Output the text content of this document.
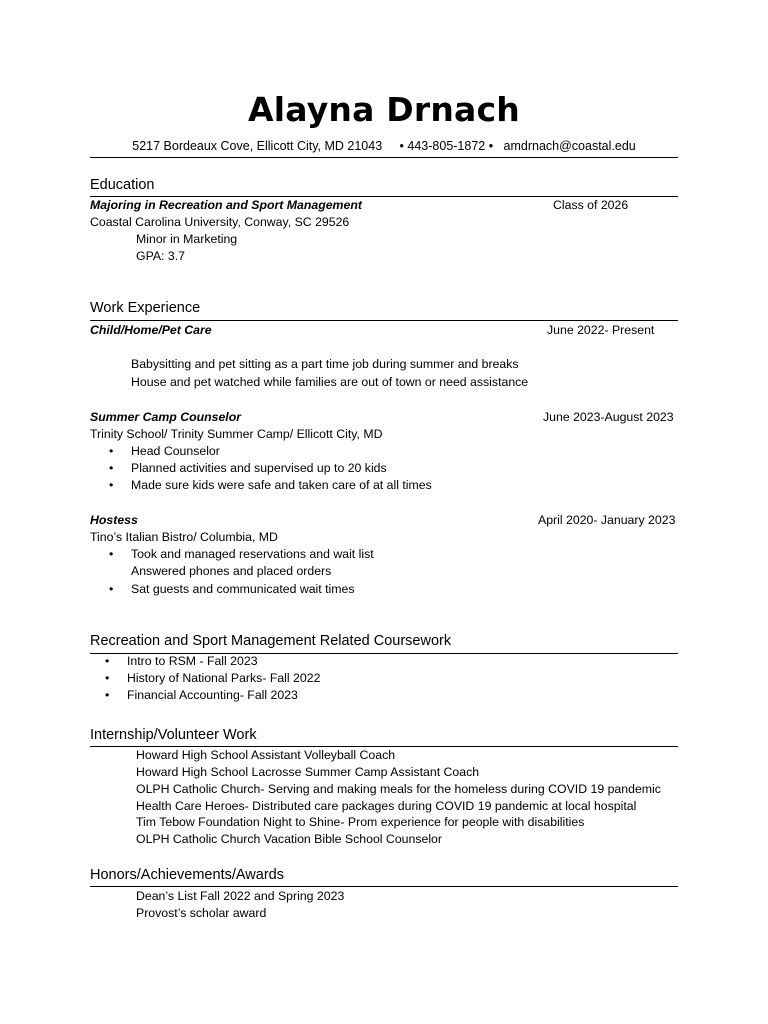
Alayna Drnach
5217 Bordeaux Cove, Ellicott City, MD 21043 • 443-805-1872 • amdrnach@coastal.edu
Education
Majoring in Recreation and Sport Management	Class of 2026
Coastal Carolina University, Conway, SC 29526
Minor in Marketing
GPA: 3.7
Work Experience
Child/Home/Pet Care	June 2022- Present
Babysitting and pet sitting as a part time job during summer and breaks
House and pet watched while families are out of town or need assistance
Summer Camp Counselor	June 2023-August 2023
Trinity School/ Trinity Summer Camp/ Ellicott City, MD
• Head Counselor
• Planned activities and supervised up to 20 kids
• Made sure kids were safe and taken care of at all times
Hostess	April 2020- January 2023
Tino’s Italian Bistro/ Columbia, MD
• Took and managed reservations and wait list
Answered phones and placed orders
• Sat guests and communicated wait times
Recreation and Sport Management Related Coursework
• Intro to RSM - Fall 2023
• History of National Parks- Fall 2022
• Financial Accounting- Fall 2023
Internship/Volunteer Work
Howard High School Assistant Volleyball Coach
Howard High School Lacrosse Summer Camp Assistant Coach
OLPH Catholic Church- Serving and making meals for the homeless during COVID 19 pandemic
Health Care Heroes- Distributed care packages during COVID 19 pandemic at local hospital
Tim Tebow Foundation Night to Shine- Prom experience for people with disabilities
OLPH Catholic Church Vacation Bible School Counselor
Honors/Achievements/Awards
Dean’s List Fall 2022 and Spring 2023
Provost’s scholar award
